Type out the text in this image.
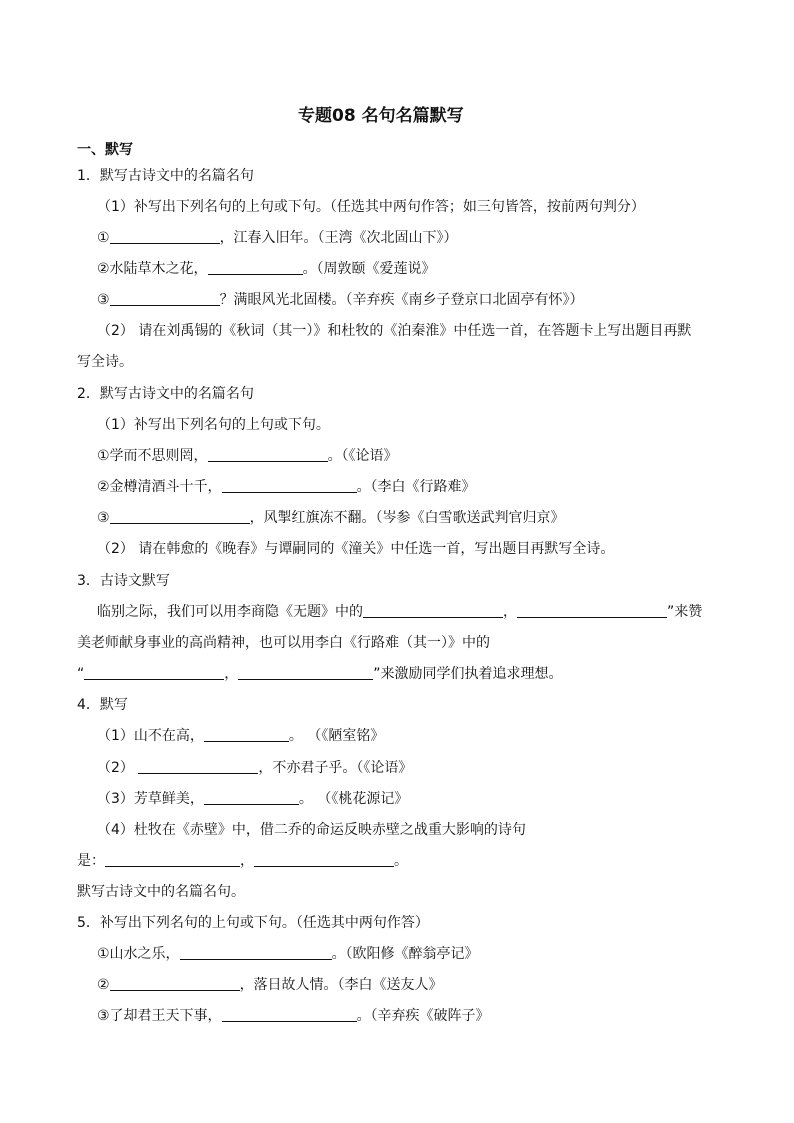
专题08 名句名篇默写
一、默写
1．默写古诗文中的名篇名句
（1）补写出下列名句的上句或下句。（任选其中两句作答；如三句皆答，按前两句判分）
①	，江春入旧年。（王湾《次北固山下》）
②水陆草木之花，	。（周敦颐《爱莲说》
③	？满眼风光北固楼。（辛弃疾《南乡子登京口北固亭有怀》）
（2） 请在刘禹锡的《秋词（其一）》和杜牧的《泊秦淮》中任选一首，在答题卡上写出题目再默
写全诗。
2．默写古诗文中的名篇名句
（1）补写出下列名句的上句或下句。
①学而不思则罔，	。（《论语》
②金樽清酒斗十千，	。（李白《行路难》
③	，风掣红旗冻不翻。（岑参《白雪歌送武判官归京》
（2） 请在韩愈的《晚春》与谭嗣同的《潼关》中任选一首，写出题目再默写全诗。
3．古诗文默写
临别之际，我们可以用李商隐《无题》中的	，	”来赞
美老师献身事业的高尚精神，也可以用李白《行路难（其一）》中的
“	，	”来激励同学们执着追求理想。
4．默写
（1）山不在高，	。 （《陋室铭》
（2）	，不亦君子乎。（《论语》
（3）芳草鲜美，	。 （《桃花源记》
（4）杜牧在《赤壁》中，借二乔的命运反映赤壁之战重大影响的诗句
是：	，	。
默写古诗文中的名篇名句。
5．补写出下列名句的上句或下句。（任选其中两句作答）
①山水之乐，	。（欧阳修《醉翁亭记》
②	，落日故人情。（李白《送友人》
③了却君王天下事，	。（辛弃疾《破阵子》
